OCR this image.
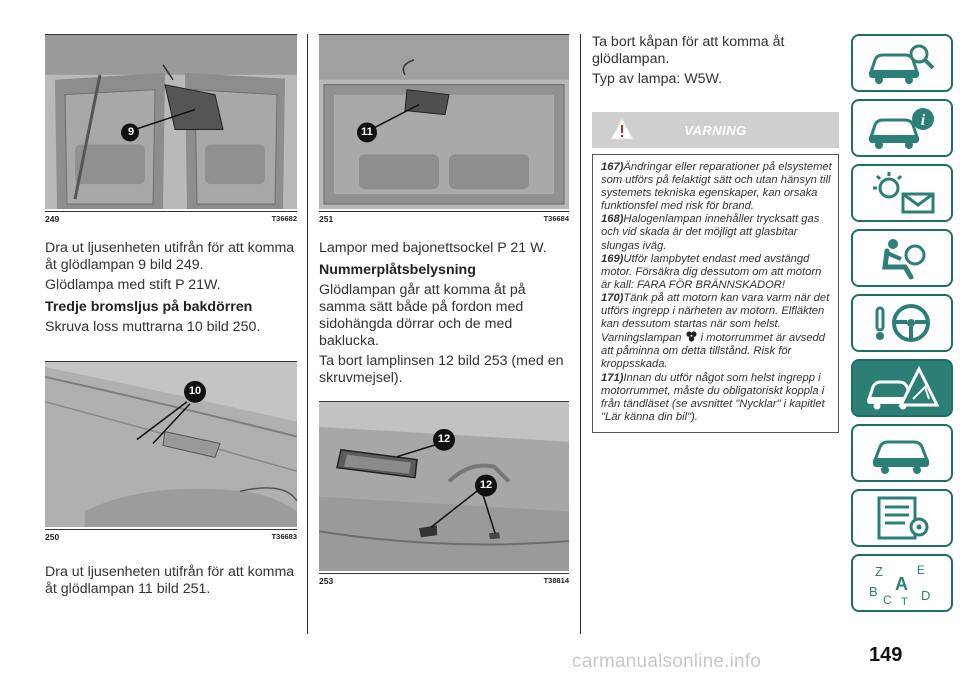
9
249	T36682

Dra ut ljusenheten utifrån för att komma åt glödlampan 9 bild 249.

Glödlampa med stift P 21W.

Tredje bromsljus på bakdörren

Skruva loss muttrarna 10 bild 250.

10
250	T36683

Dra ut ljusenheten utifrån för att komma åt glödlampan 11 bild 251.

11
251	T36684

Lampor med bajonettsockel P 21 W.

Nummerplåtsbelysning

Glödlampan går att komma åt på samma sätt både på fordon med sidohängda dörrar och de med baklucka.

Ta bort lamplinsen 12 bild 253 (med en skruvmejsel).

12
12
253	T38814

Ta bort kåpan för att komma åt glödlampan.

Typ av lampa: W5W.

VARNING

167)Ändringar eller reparationer på elsystemet som utförs på felaktigt sätt och utan hänsyn till systemets tekniska egenskaper, kan orsaka funktionsfel med risk för brand.

168)Halogenlampan innehåller trycksatt gas och vid skada är det möjligt att glasbitar slungas iväg.

169)Utför lampbytet endast med avstängd motor. Försäkra dig dessutom om att motorn är kall: FARA FÖR BRÄNNSKADOR!

170)Tänk på att motorn kan vara varm när det utförs ingrepp i närheten av motorn. Elfläkten kan dessutom startas när som helst. Varningslampan i motorrummet är avsedd att påminna om detta tillstånd. Risk för kroppsskada.

171)Innan du utför något som helst ingrepp i motorrummet, måste du obligatoriskt koppla i från tändläset (se avsnittet "Nycklar" i kapitlet "Lär känna din bil").

i
Z	E
A
B
C D
T
carmanualsonline.info	149
